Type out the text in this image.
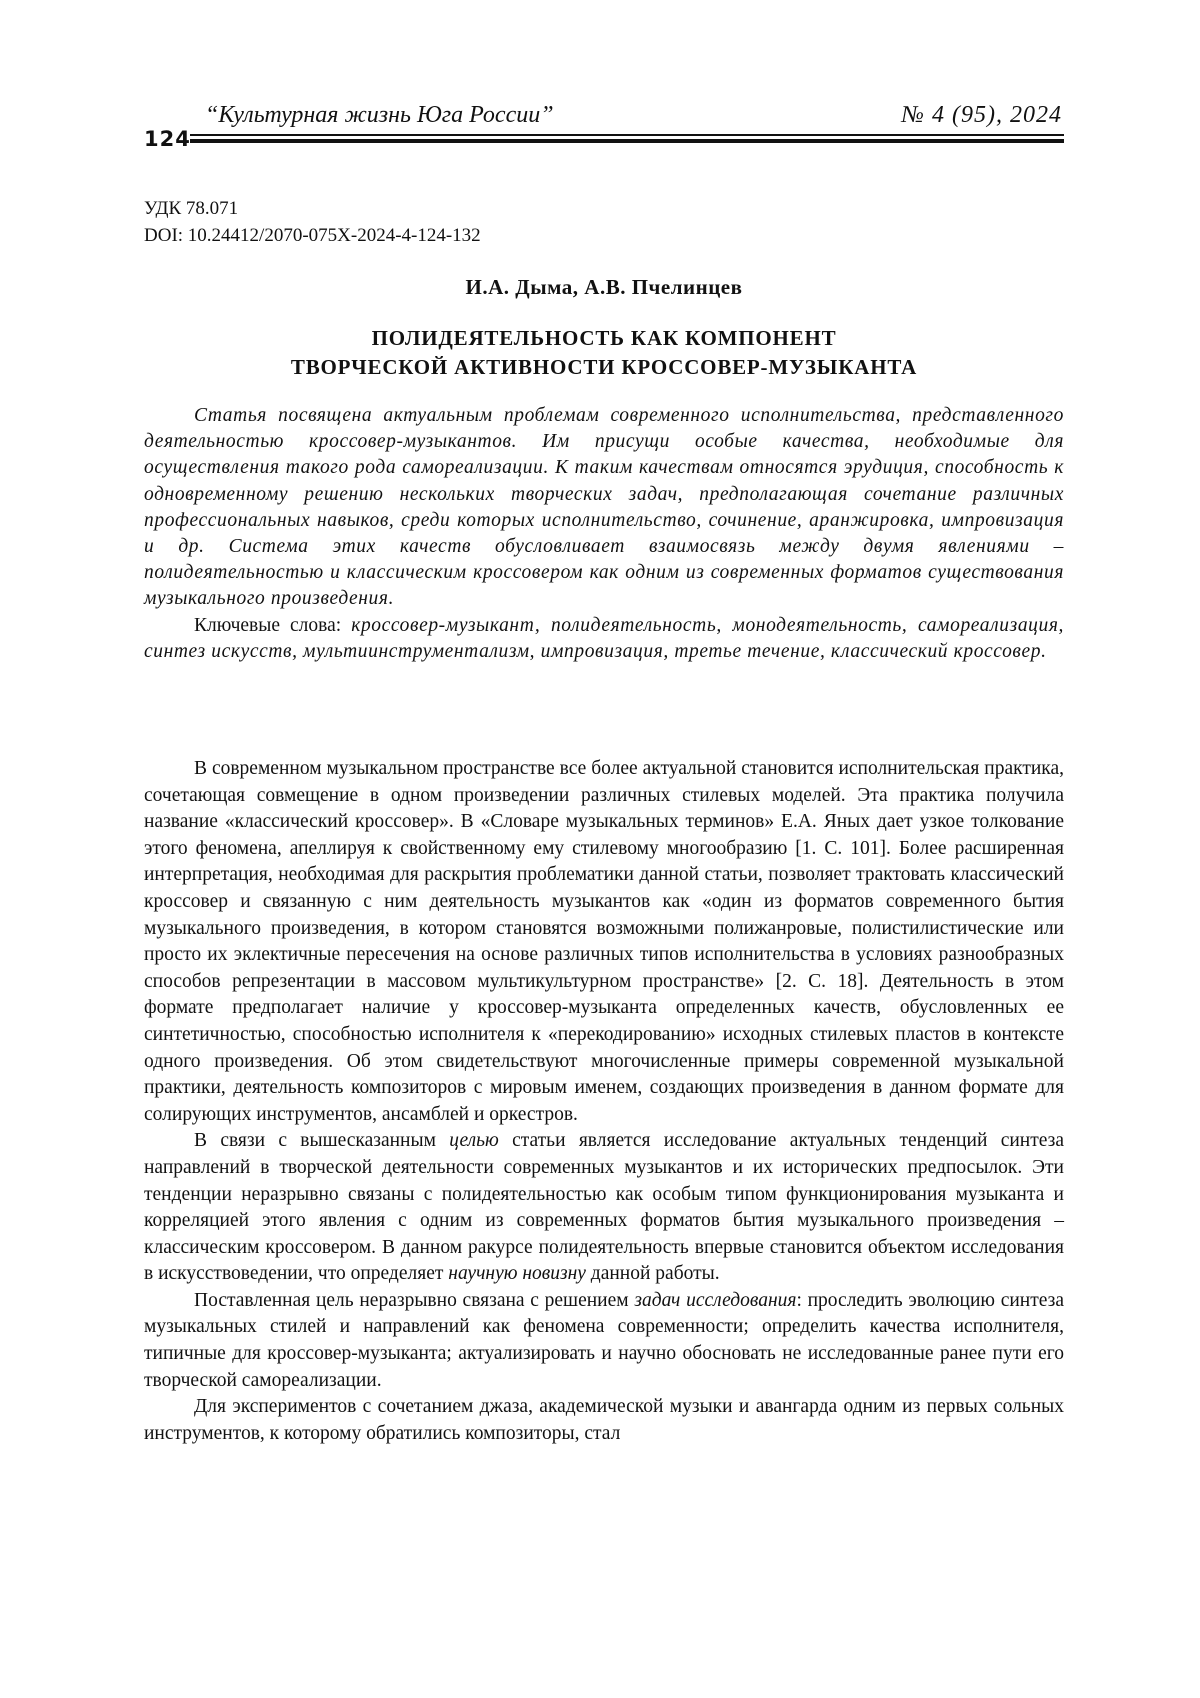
124
“Культурная жизнь Юга России”	№ 4 (95), 2024
УДК 78.071
DOI: 10.24412/2070-075Х-2024-4-124-132
И.А. Дыма, А.В. Пчелинцев
ПОЛИДЕЯТЕЛЬНОСТЬ КАК КОМПОНЕНТ
ТВОРЧЕСКОЙ АКТИВНОСТИ КРОССОВЕР-МУЗЫКАНТА

Статья посвящена актуальным проблемам современного исполнительства, представленного деятельностью кроссовер-музыкантов. Им присущи особые качества, необходимые для осуществления такого рода самореализации. К таким качествам относятся эрудиция, способность к одновременному решению нескольких творческих задач, предполагающая сочетание различных профессиональных навыков, среди которых исполнительство, сочинение, аранжировка, импровизация и др. Система этих качеств обусловливает взаимосвязь между двумя явлениями – полидеятельностью и классическим кроссовером как одним из современных форматов существования музыкального произведения.

Ключевые слова: кроссовер-музыкант, полидеятельность, монодеятельность, самореализация, синтез искусств, мультиинструментализм, импровизация, третье течение, классический кроссовер.

В современном музыкальном пространстве все более актуальной становится исполнительская практика, сочетающая совмещение в одном произведении различных стилевых моделей. Эта практика получила название «классический кроссовер». В «Словаре музыкальных терминов» Е.А. Яных дает узкое толкование этого феномена, апеллируя к свойственному ему стилевому многообразию [1. С. 101]. Более расширенная интерпретация, необходимая для раскрытия проблематики данной статьи, позволяет трактовать классический кроссовер и связанную с ним деятельность музыкантов как «один из форматов современного бытия музыкального произведения, в котором становятся возможными полижанровые, полистилистические или просто их эклектичные пересечения на основе различных типов исполнительства в условиях разнообразных способов репрезентации в массовом мультикультурном пространстве» [2. С. 18]. Деятельность в этом формате предполагает наличие у кроссовер-музыканта определенных качеств, обусловленных ее синтетичностью, способностью исполнителя к «перекодированию» исходных стилевых пластов в контексте одного произведения. Об этом свидетельствуют многочисленные примеры современной музыкальной практики, деятельность композиторов с мировым именем, создающих произведения в данном формате для солирующих инструментов, ансамблей и оркестров.

В связи с вышесказанным целью статьи является исследование актуальных тенденций синтеза направлений в творческой деятельности современных музыкантов и их исторических предпосылок. Эти тенденции неразрывно связаны с полидеятельностью как особым типом функционирования музыканта и корреляцией этого явления с одним из современных форматов бытия музыкального произведения – классическим кроссовером. В данном ракурсе полидеятельность впервые становится объектом исследования в искусствоведении, что определяет научную новизну данной работы.

Поставленная цель неразрывно связана с решением задач исследования: проследить эволюцию синтеза музыкальных стилей и направлений как феномена современности; определить качества исполнителя, типичные для кроссовер-музыканта; актуализировать и научно обосновать не исследованные ранее пути его творческой самореализации.

Для экспериментов с сочетанием джаза, академической музыки и авангарда одним из первых сольных инструментов, к которому обратились композиторы, стал
